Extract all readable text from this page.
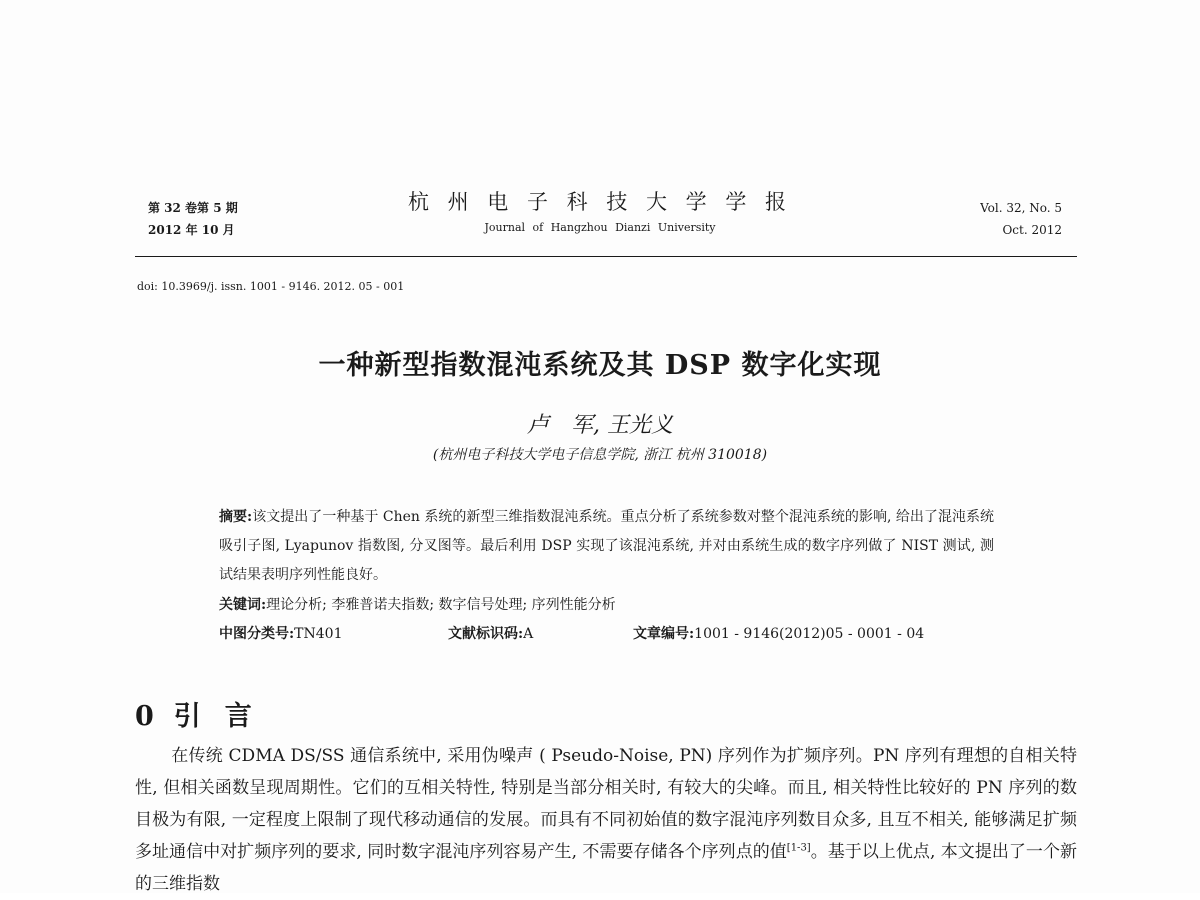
第 32 卷第 5 期
2012 年 10 月
杭 州 电 子 科 技 大 学 学 报
Journal of Hangzhou Dianzi University
Vol. 32, No. 5
Oct. 2012
doi: 10.3969/j. issn. 1001 - 9146. 2012. 05 - 001
一种新型指数混沌系统及其 DSP 数字化实现
卢　军, 王光义
(杭州电子科技大学电子信息学院, 浙江 杭州 310018)
摘要:该文提出了一种基于 Chen 系统的新型三维指数混沌系统。重点分析了系统参数对整个混沌系统的影响, 给出了混沌系统吸引子图, Lyapunov 指数图, 分叉图等。最后利用 DSP 实现了该混沌系统, 并对由系统生成的数字序列做了 NIST 测试, 测试结果表明序列性能良好。
关键词:理论分析; 李雅普诺夫指数; 数字信号处理; 序列性能分析
中图分类号:TN401	文献标识码:A	文章编号:1001 - 9146(2012)05 - 0001 - 04
0 引 言
在传统 CDMA DS/SS 通信系统中, 采用伪噪声 ( Pseudo-Noise, PN) 序列作为扩频序列。PN 序列有理想的自相关特性, 但相关函数呈现周期性。它们的互相关特性, 特别是当部分相关时, 有较大的尖峰。而且, 相关特性比较好的 PN 序列的数目极为有限, 一定程度上限制了现代移动通信的发展。而具有不同初始值的数字混沌序列数目众多, 且互不相关, 能够满足扩频多址通信中对扩频序列的要求, 同时数字混沌序列容易产生, 不需要存储各个序列点的值[1-3]。基于以上优点, 本文提出了一个新的三维指数
